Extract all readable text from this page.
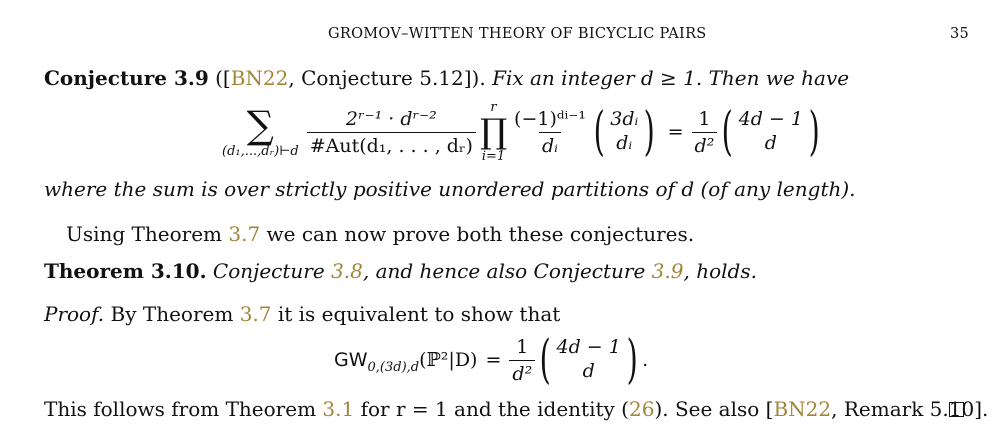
GROMOV–WITTEN THEORY OF BICYCLIC PAIRS	35
Conjecture 3.9 ([BN22, Conjecture 5.12]). Fix an integer d ≥ 1. Then we have
∑
(d₁,...,dᵣ)⊢d $\frac{\text{2ʳ⁻¹ · dʳ⁻²}}{\text{\#Aut(d₁, . . . , dᵣ)}}$ r
∏
$i=1 \frac{\text{(−1)ᵈⁱ⁻¹}}{\text{dᵢ}}$ ( 3dᵢ
dᵢ ) = $\frac{1}{\text{d²}}$ ( 4d − 1
d )
where the sum is over strictly positive unordered partitions of d (of any length).
Using Theorem 3.7 we can now prove both these conjectures.
Theorem 3.10. Conjecture 3.8, and hence also Conjecture 3.9, holds.
Proof. By Theorem 3.7 it is equivalent to show that
$GW_{0,(3d),d}$ (ℙ²|D) = $\frac{1}{\text{d²}}$ ( 4d − 1
d ) .
This follows from Theorem 3.1 for r = 1 and the identity (26). See also [BN22, Remark 5.10].
